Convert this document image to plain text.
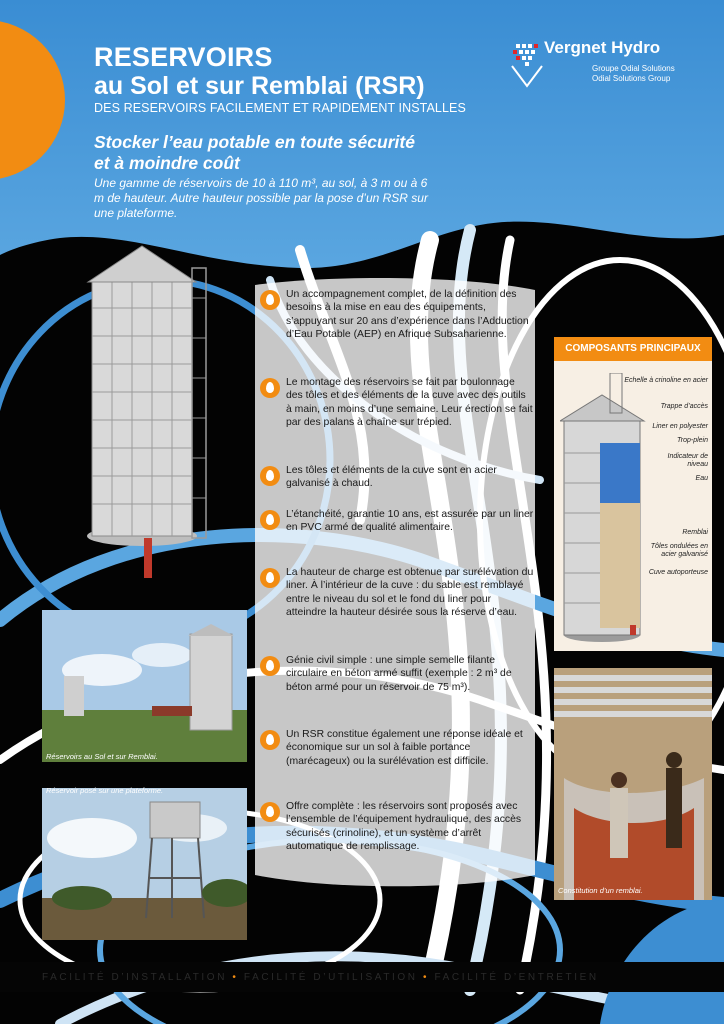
RESERVOIRS
au Sol et sur Remblai (RSR)
DES RESERVOIRS FACILEMENT ET RAPIDEMENT INSTALLES
Vergnet Hydro
Groupe Odial Solutions
Odial Solutions Group
Stocker l’eau potable en toute sécurité
et à moindre coût
Une gamme de réservoirs de 10 à 110 m³, au sol, à 3 m ou à 6 m de hauteur. Autre hauteur possible par la pose d’un RSR sur une plateforme.
Un accompagnement complet, de la définition des besoins à la mise en eau des équipements, s’appuyant sur 20 ans d’expérience dans l’Adduction d’Eau Potable (AEP) en Afrique Subsaharienne.
Le montage des réservoirs se fait par boulonnage des tôles et des éléments de la cuve avec des outils à main, en moins d’une semaine. Leur érection se fait par des palans à chaîne sur trépied.
Les tôles et éléments de la cuve sont en acier galvanisé à chaud.
L’étanchéité, garantie 10 ans, est assurée par un liner en PVC armé de qualité alimentaire.
La hauteur de charge est obtenue par surélévation du liner. À l’intérieur de la cuve : du sable est remblayé entre le niveau du sol et le fond du liner pour atteindre la hauteur désirée sous la réserve d’eau.
Génie civil simple : une simple semelle filante circulaire en béton armé suffit (exemple : 2 m³ de béton armé pour un réservoir de 75 m³).
Un RSR constitue également une réponse idéale et économique sur un sol à faible portance (marécageux) ou la surélévation est difficile.
Offre complète : les réservoirs sont proposés avec l’ensemble de l’équipement hydraulique, des accès sécurisés (crinoline), et un système d’arrêt automatique de remplissage.
COMPOSANTS PRINCIPAUX
Echelle à crinoline en acier
Trappe d’accès
Liner en polyester
Trop-plein
Indicateur de niveau
Eau
Remblai
Tôles ondulées en acier galvanisé
Cuve autoporteuse
Réservoirs au Sol et sur Remblai.
Réservoir posé sur une plateforme.
Constitution d’un remblai.
FACILITÉ D’INSTALLATION • FACILITÉ D’UTILISATION • FACILITÉ D’ENTRETIEN
